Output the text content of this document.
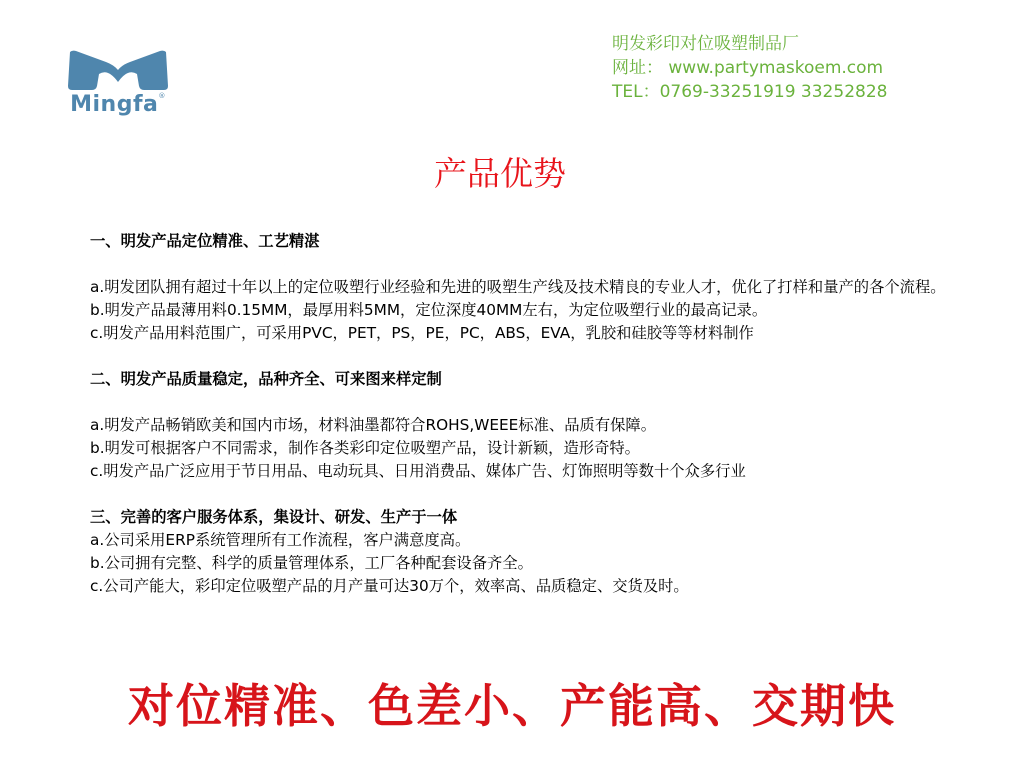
Mingfa®
明发彩印对位吸塑制品厂
网址： www.partymaskoem.com
TEL：0769-33251919 33252828
产品优势

一、明发产品定位精准、工艺精湛

a.明发团队拥有超过十年以上的定位吸塑行业经验和先进的吸塑生产线及技术精良的专业人才，优化了打样和量产的各个流程。

b.明发产品最薄用料0.15MM，最厚用料5MM，定位深度40MM左右，为定位吸塑行业的最高记录。

c.明发产品用料范围广，可采用PVC，PET，PS，PE，PC，ABS，EVA，乳胶和硅胶等等材料制作

二、明发产品质量稳定，品种齐全、可来图来样定制

a.明发产品畅销欧美和国内市场，材料油墨都符合ROHS,WEEE标准、品质有保障。

b.明发可根据客户不同需求，制作各类彩印定位吸塑产品，设计新颖，造形奇特。

c.明发产品广泛应用于节日用品、电动玩具、日用消费品、媒体广告、灯饰照明等数十个众多行业

三、完善的客户服务体系，集设计、研发、生产于一体

a.公司采用ERP系统管理所有工作流程，客户满意度高。

b.公司拥有完整、科学的质量管理体系，工厂各种配套设备齐全。

c.公司产能大，彩印定位吸塑产品的月产量可达30万个，效率高、品质稳定、交货及时。

对位精准、色差小、产能高、交期快
